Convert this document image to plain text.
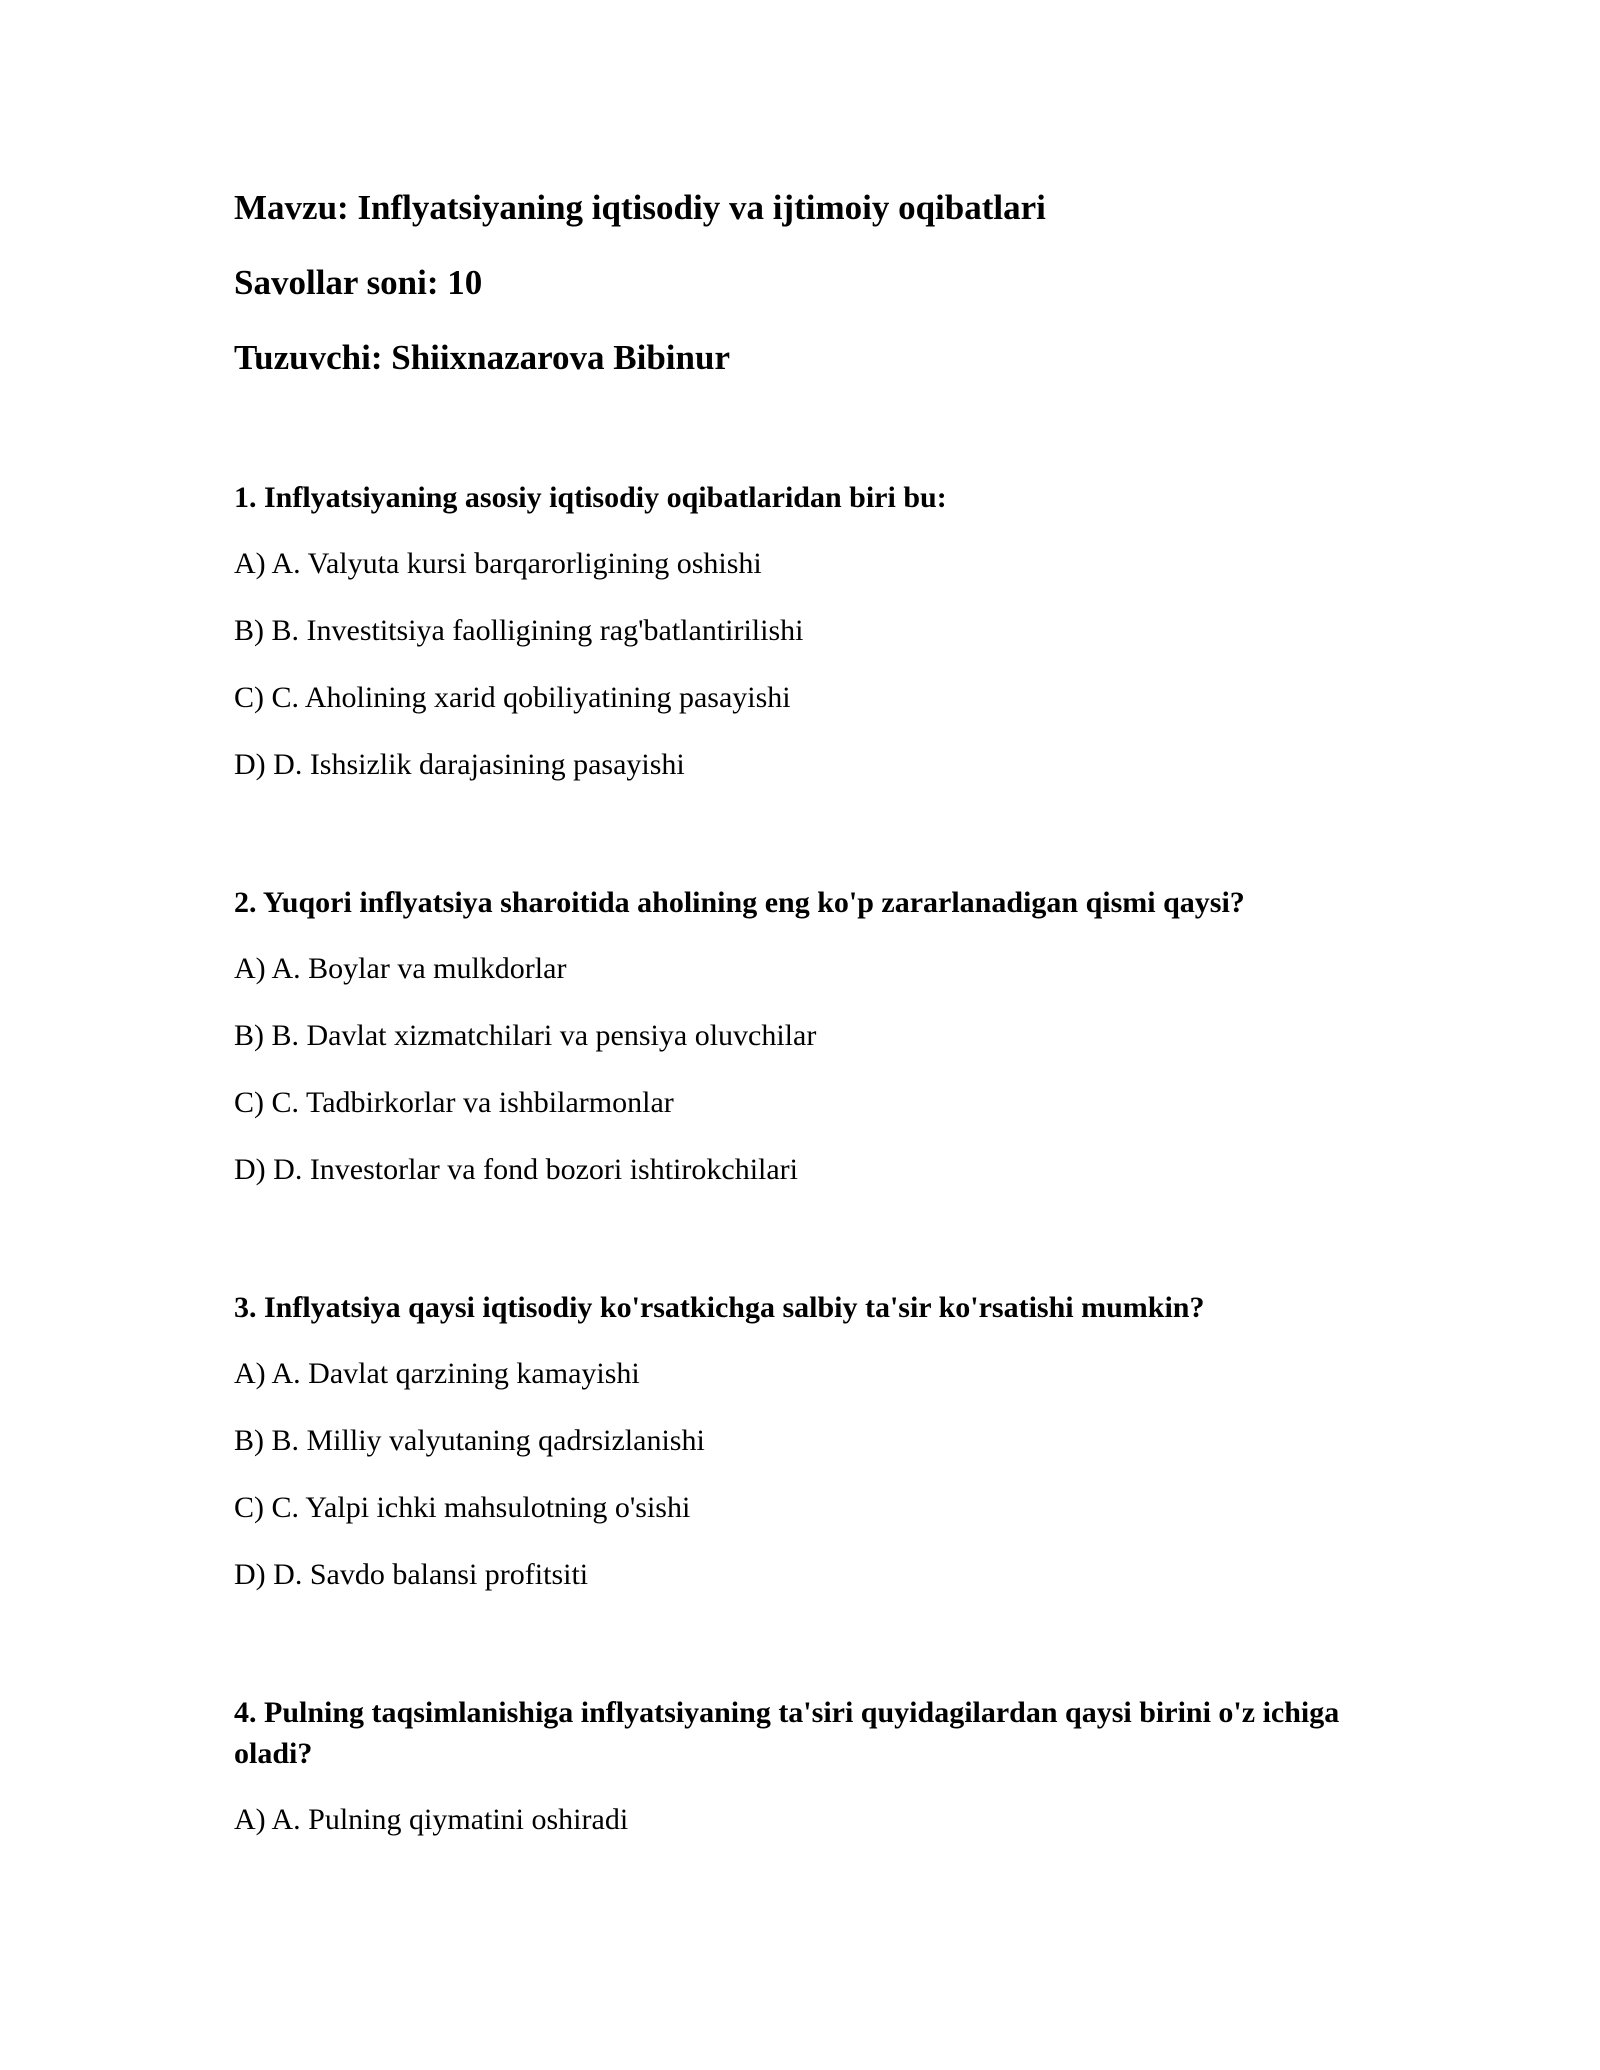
Mavzu: Inflyatsiyaning iqtisodiy va ijtimoiy oqibatlari
Savollar soni: 10
Tuzuvchi: Shiixnazarova Bibinur
1. Inflyatsiyaning asosiy iqtisodiy oqibatlaridan biri bu:
A) A. Valyuta kursi barqarorligining oshishi
B) B. Investitsiya faolligining rag'batlantirilishi
C) C. Aholining xarid qobiliyatining pasayishi
D) D. Ishsizlik darajasining pasayishi
2. Yuqori inflyatsiya sharoitida aholining eng ko'p zararlanadigan qismi qaysi?
A) A. Boylar va mulkdorlar
B) B. Davlat xizmatchilari va pensiya oluvchilar
C) C. Tadbirkorlar va ishbilarmonlar
D) D. Investorlar va fond bozori ishtirokchilari
3. Inflyatsiya qaysi iqtisodiy ko'rsatkichga salbiy ta'sir ko'rsatishi mumkin?
A) A. Davlat qarzining kamayishi
B) B. Milliy valyutaning qadrsizlanishi
C) C. Yalpi ichki mahsulotning o'sishi
D) D. Savdo balansi profitsiti
4. Pulning taqsimlanishiga inflyatsiyaning ta'siri quyidagilardan qaysi birini o'z ichiga oladi?
A) A. Pulning qiymatini oshiradi
